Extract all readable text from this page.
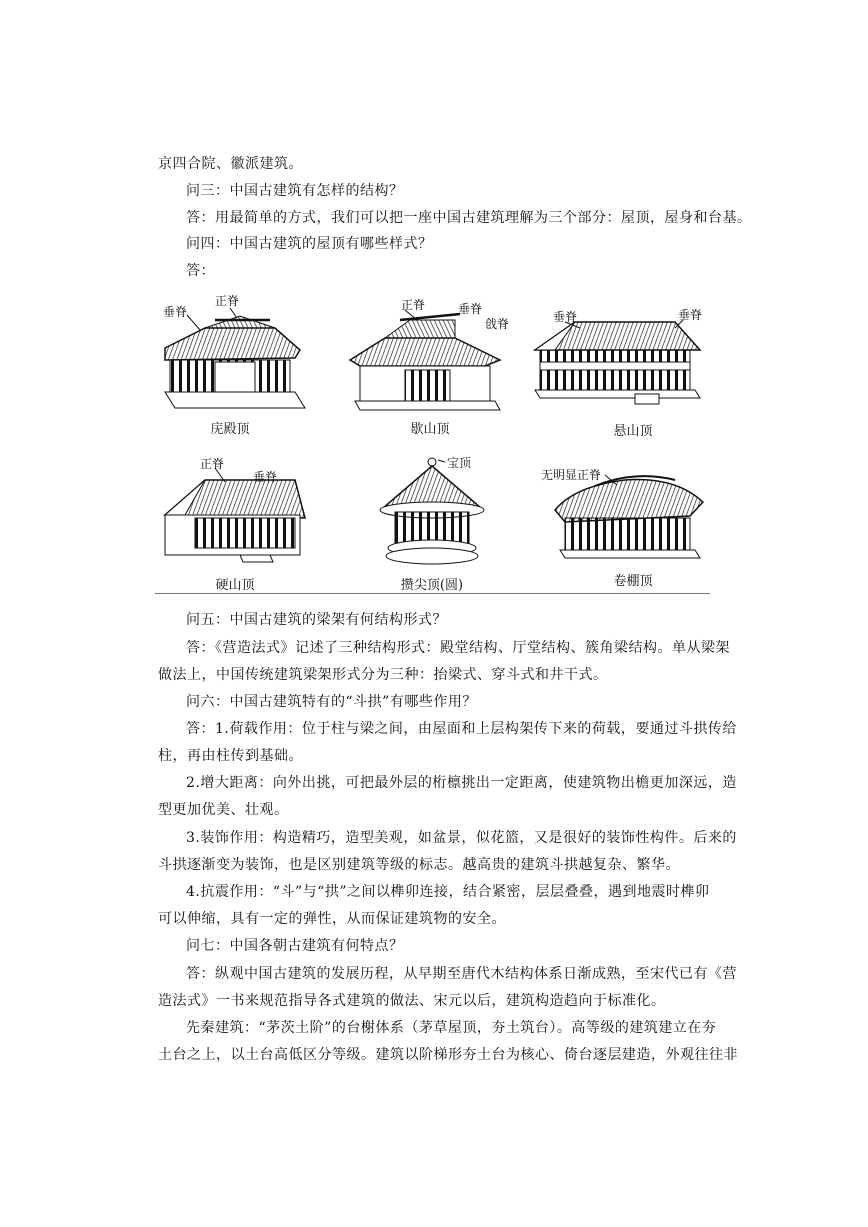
京四合院、徽派建筑。
问三：中国古建筑有怎样的结构？
答：用最简单的方式，我们可以把一座中国古建筑理解为三个部分：屋顶，屋身和台基。
问四：中国古建筑的屋顶有哪些样式？
答：
垂脊
正脊	正脊	垂脊
戗脊	垂脊	垂脊
正脊
垂脊
宝顶
无明显正脊
庑殿顶	歇山顶	悬山顶
硬山顶	攒尖顶(圆)	卷棚顶
问五：中国古建筑的梁架有何结构形式？
答：《营造法式》记述了三种结构形式：殿堂结构、厅堂结构、簇角梁结构。单从梁架
做法上，中国传统建筑梁架形式分为三种：抬梁式、穿斗式和井干式。
问六：中国古建筑特有的“斗拱”有哪些作用？
答：1.荷载作用：位于柱与梁之间，由屋面和上层构架传下来的荷载，要通过斗拱传给
柱，再由柱传到基础。
2.增大距离：向外出挑，可把最外层的桁檩挑出一定距离，使建筑物出檐更加深远，造
型更加优美、壮观。
3.装饰作用：构造精巧，造型美观，如盆景，似花篮，又是很好的装饰性构件。后来的
斗拱逐渐变为装饰，也是区别建筑等级的标志。越高贵的建筑斗拱越复杂、繁华。
4.抗震作用：“斗”与“拱”之间以榫卯连接，结合紧密，层层叠叠，遇到地震时榫卯
可以伸缩，具有一定的弹性，从而保证建筑物的安全。
问七：中国各朝古建筑有何特点？
答：纵观中国古建筑的发展历程，从早期至唐代木结构体系日渐成熟，至宋代已有《营
造法式》一书来规范指导各式建筑的做法、宋元以后，建筑构造趋向于标准化。
先秦建筑：“茅茨土阶”的台榭体系（茅草屋顶，夯土筑台）。高等级的建筑建立在夯
土台之上，以土台高低区分等级。建筑以阶梯形夯土台为核心、倚台逐层建造，外观往往非
